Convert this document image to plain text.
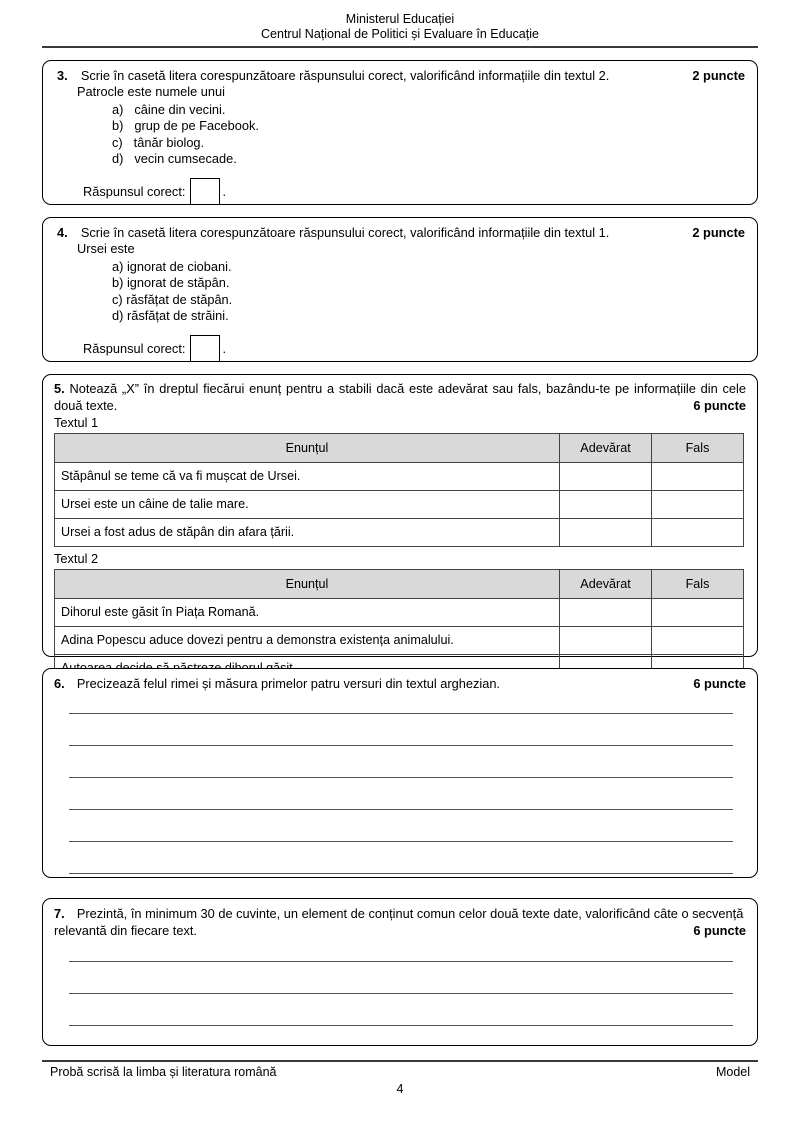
Ministerul Educației
Centrul Național de Politici și Evaluare în Educație
3. Scrie în casetă litera corespunzătoare răspunsului corect, valorificând informațiile din textul 2.	2 puncte
Patrocle este numele unui
a) câine din vecini.
b) grup de pe Facebook.
c) tânăr biolog.
d) vecin cumsecade.
Răspunsul corect:	.
4. Scrie în casetă litera corespunzătoare răspunsului corect, valorificând informațiile din textul 1.	2 puncte
Ursei este
a) ignorat de ciobani.
b) ignorat de stăpân.
c) răsfățat de stăpân.
d) răsfățat de străini.
Răspunsul corect:	.
5. Notează „X” în dreptul fiecărui enunț pentru a stabili dacă este adevărat sau fals, bazându-te pe informațiile din cele două texte.	6 puncte
Textul 1
Enunțul	Adevărat	Fals
Stăpânul se teme că va fi mușcat de Ursei.		
Ursei este un câine de talie mare.		
Ursei a fost adus de stăpân din afara țării.		
Textul 2
Enunțul	Adevărat	Fals
Dihorul este găsit în Piața Romană.		
Adina Popescu aduce dovezi pentru a demonstra existența animalului.		

6. Precizează felul rimei și măsura primelor patru versuri din textul arghezian.	6 puncte
7. Prezintă, în minimum 30 de cuvinte, un element de conținut comun celor două texte date, valorificând câte o secvență relevantă din fiecare text.	6 puncte
Probă scrisă la limba și literatura română	Model
4
